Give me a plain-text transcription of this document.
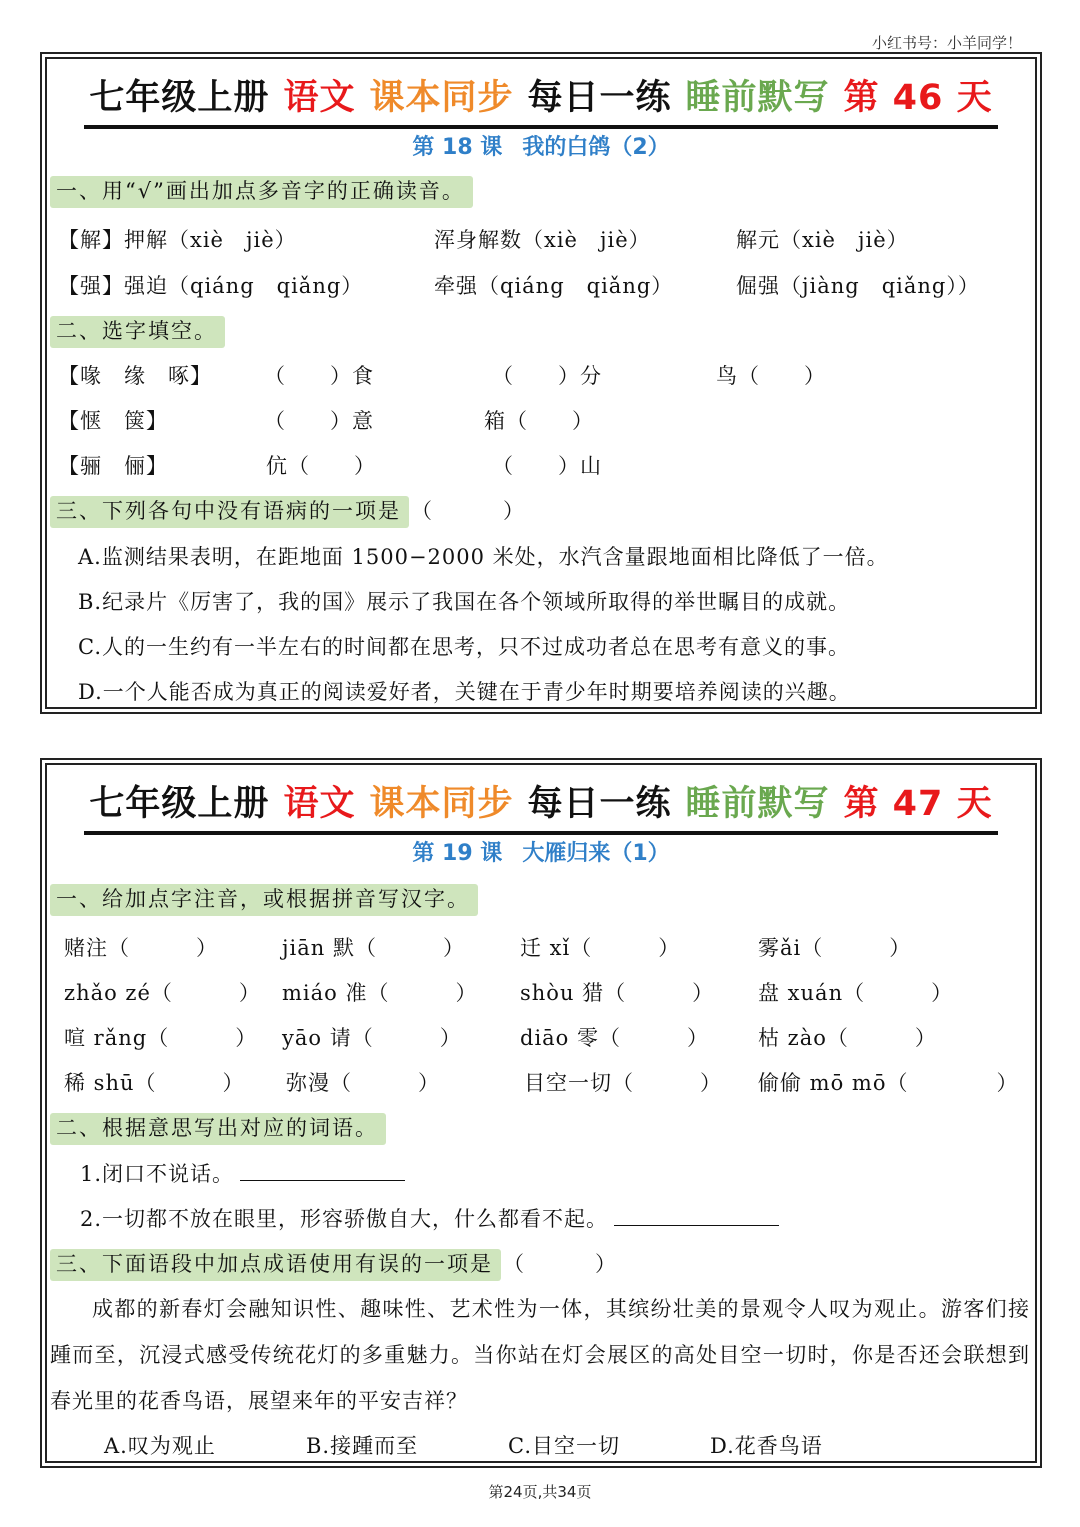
小红书号：小羊同学！
七年级上册 语文 课本同步 每日一练 睡前默写 第 46 天
第 18 课 我的白鸽（2）
一、用“√”画出加点多音字的正确读音。
【解】押解（xiè　jiè）	浑身解数（xiè　jiè）	解元（xiè　jiè）
【强】强迫（qiáng　qiǎng）	牵强（qiáng　qiǎng）	倔强（jiàng　qiǎng））
二、选字填空。
【喙　缘　啄】 （　　）食	（　　）分	鸟（　　）
【惬　箧】	（　　）意	箱（　　）
【骊　俪】	伉（　　）	（　　）山
三、下列各句中没有语病的一项是 （　　　）
A.监测结果表明，在距地面 1500−2000 米处，水汽含量跟地面相比降低了一倍。
B.纪录片《厉害了，我的国》展示了我国在各个领域所取得的举世瞩目的成就。
C.人的一生约有一半左右的时间都在思考，只不过成功者总在思考有意义的事。
D.一个人能否成为真正的阅读爱好者，关键在于青少年时期要培养阅读的兴趣。
七年级上册 语文 课本同步 每日一练 睡前默写 第 47 天
第 19 课 大雁归来（1）
一、给加点字注音，或根据拼音写汉字。
赌注（　　　）	jiān 默（　　　）	迁 xǐ（　　　）	雾ǎi（　　　）
zhǎo zé（　　　） miáo 准（　　　） shòu 猎（　　　） 盘 xuán（　　　）
喧 rǎng（　　　） yāo 请（　　　）	diāo 零（　　　） 枯 zào（　　　）
稀 shū（　　　） 弥漫（　　　）	目空一切（　　　） 偷偷 mō mō（　　　　）
二、根据意思写出对应的词语。
1.闭口不说话。
2.一切都不放在眼里，形容骄傲自大，什么都看不起。
三、下面语段中加点成语使用有误的一项是 （　　　）
成都的新春灯会融知识性、趣味性、艺术性为一体，其缤纷壮美的景观令人叹为观止。游客们接踵而至，沉浸式感受传统花灯的多重魅力。当你站在灯会展区的高处目空一切时，你是否还会联想到春光里的花香鸟语，展望来年的平安吉祥？
A.叹为观止	B.接踵而至	C.目空一切	D.花香鸟语
第24页,共34页
